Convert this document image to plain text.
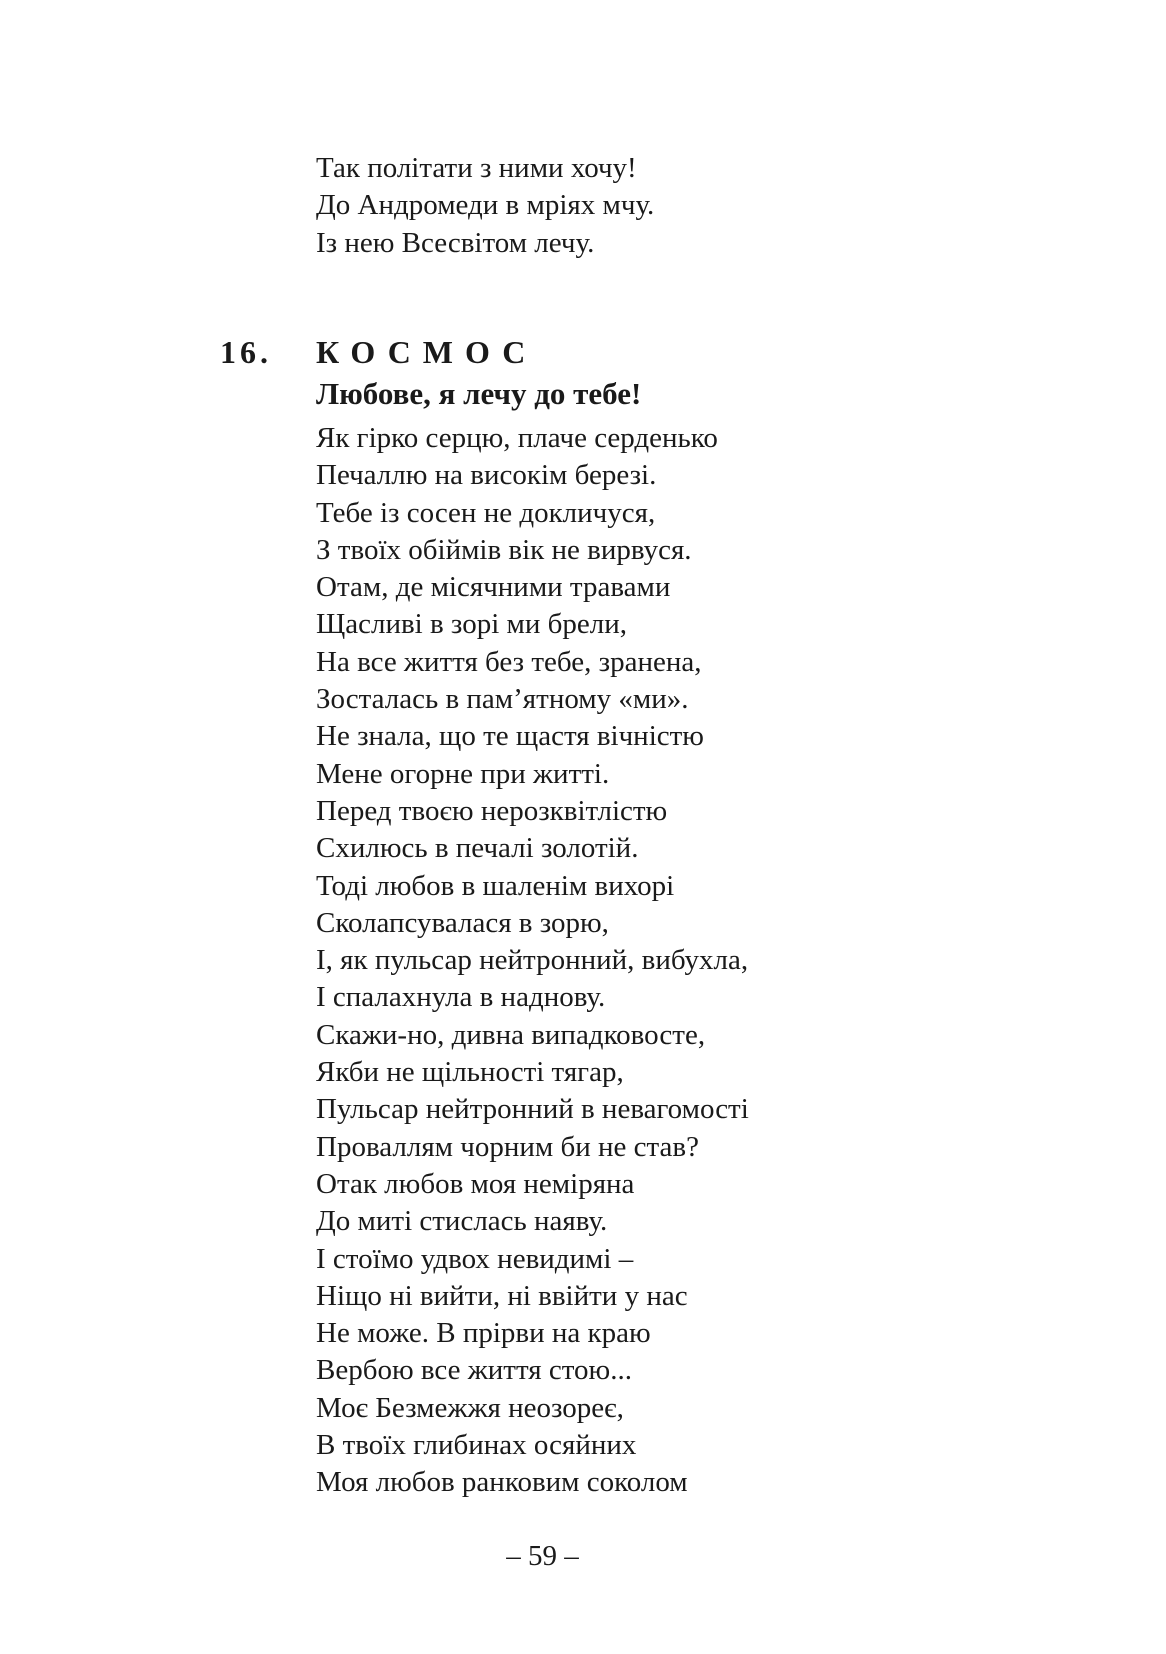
Так політати з ними хочу!
До Андромеди в мріях мчу.
Із нею Всесвітом лечу.
16. КОСМОС
Любове, я лечу до тебе!
Як гірко серцю, плаче серденько
Печаллю на високім березі.
Тебе із сосен не докличуся,
З твоїх обіймів вік не вирвуся.
Отам, де місячними травами
Щасливі в зорі ми брели,
На все життя без тебе, зранена,
Зосталась в пам’ятному «ми».
Не знала, що те щастя вічністю
Мене огорне при житті.
Перед твоєю нерозквітлістю
Схилюсь в печалі золотій.
Тоді любов в шаленім вихорі
Сколапсувалася в зорю,
І, як пульсар нейтронний, вибухла,
І спалахнула в наднову.
Скажи-но, дивна випадковосте,
Якби не щільності тягар,
Пульсар нейтронний в невагомості
Проваллям чорним би не став?
Отак любов моя неміряна
До миті стислась наяву.
І стоїмо удвох невидимі –
Ніщо ні вийти, ні ввійти у нас
Не може. В прірви на краю
Вербою все життя стою...
Моє Безмежжя неозореє,
В твоїх глибинах осяйних
Моя любов ранковим соколом
– 59 –
